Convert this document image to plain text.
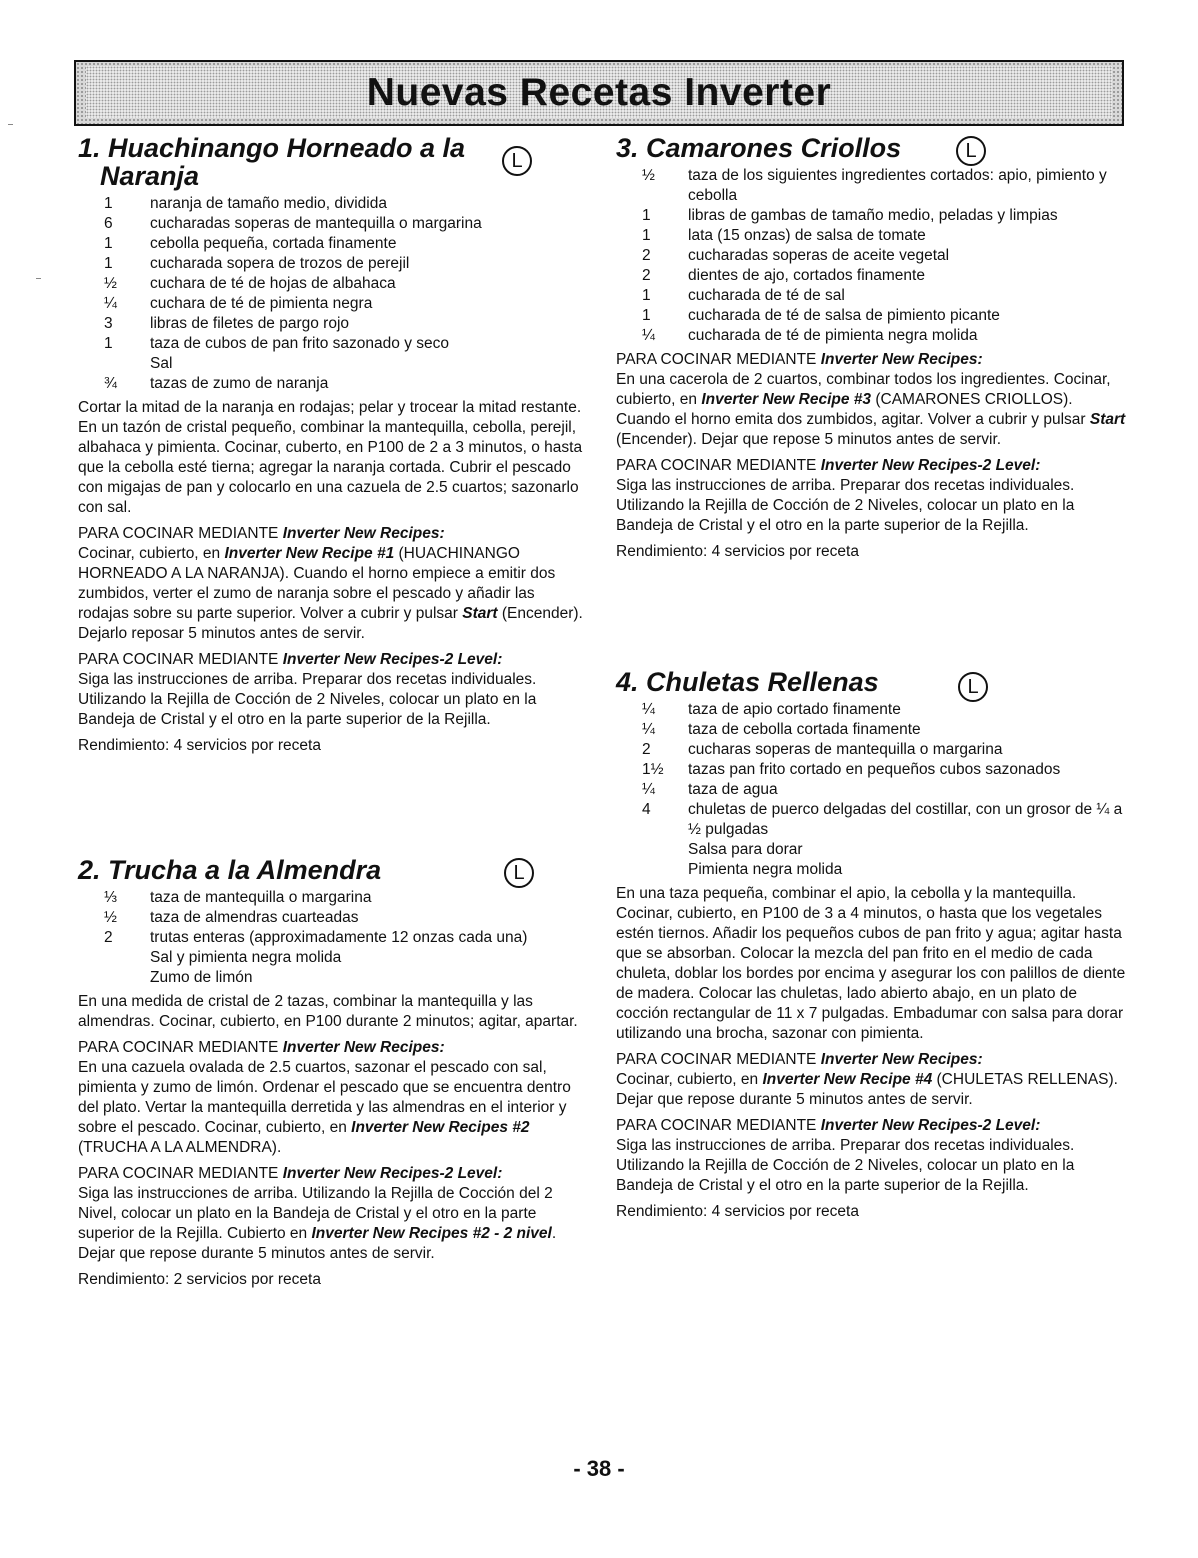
Nuevas Recetas Inverter
1. Huachinango Horneado a la
Naranja	L
1	naranja de tamaño medio, dividida
6	cucharadas soperas de mantequilla o margarina
1	cebolla pequeña, cortada finamente
1	cucharada sopera de trozos de perejil
½	cuchara de té de hojas de albahaca
¼	cuchara de té de pimienta negra
3	libras de filetes de pargo rojo
1	taza de cubos de pan frito sazonado y seco
Sal
¾	tazas de zumo de naranja

Cortar la mitad de la naranja en rodajas; pelar y trocear la mitad restante. En un tazón de cristal pequeño, combinar la mantequilla, cebolla, perejil, albahaca y pimienta. Cocinar, cuberto, en P100 de 2 a 3 minutos, o hasta que la cebolla esté tierna; agregar la naranja cortada. Cubrir el pescado con migajas de pan y colocarlo en una cazuela de 2.5 cuartos; sazonarlo con sal.

PARA COCINAR MEDIANTE Inverter New Recipes:
Cocinar, cubierto, en Inverter New Recipe #1 (HUACHINANGO HORNEADO A LA NARANJA). Cuando el horno empiece a emitir dos zumbidos, verter el zumo de naranja sobre el pescado y añadir las rodajas sobre su parte superior. Volver a cubrir y pulsar Start (Encender). Dejarlo reposar 5 minutos antes de servir.

PARA COCINAR MEDIANTE Inverter New Recipes-2 Level:
Siga las instrucciones de arriba. Preparar dos recetas individuales. Utilizando la Rejilla de Cocción de 2 Niveles, colocar un plato en la Bandeja de Cristal y el otro en la parte superior de la Rejilla.

Rendimiento: 4 servicios por receta

2. Trucha a la Almendra	L
⅓	taza de mantequilla o margarina
½	taza de almendras cuarteadas
2	trutas enteras (approximadamente 12 onzas cada una)
Sal y pimienta negra molida
Zumo de limón

En una medida de cristal de 2 tazas, combinar la mantequilla y las almendras. Cocinar, cubierto, en P100 durante 2 minutos; agitar, apartar.

PARA COCINAR MEDIANTE Inverter New Recipes:
En una cazuela ovalada de 2.5 cuartos, sazonar el pescado con sal, pimienta y zumo de limón. Ordenar el pescado que se encuentra dentro del plato. Vertar la mantequilla derretida y las almendras en el interior y sobre el pescado. Cocinar, cubierto, en Inverter New Recipes #2 (TRUCHA A LA ALMENDRA).

PARA COCINAR MEDIANTE Inverter New Recipes-2 Level:
Siga las instrucciones de arriba. Utilizando la Rejilla de Cocción del 2 Nivel, colocar un plato en la Bandeja de Cristal y el otro en la parte superior de la Rejilla. Cubierto en Inverter New Recipes #2 - 2 nivel. Dejar que repose durante 5 minutos antes de servir.

Rendimiento: 2 servicios por receta

3. Camarones Criollos	L
½	taza de los siguientes ingredientes cortados: apio, pimiento y cebolla
1	libras de gambas de tamaño medio, peladas y limpias
1	lata (15 onzas) de salsa de tomate
2	cucharadas soperas de aceite vegetal
2	dientes de ajo, cortados finamente
1	cucharada de té de sal
1	cucharada de té de salsa de pimiento picante
¼	cucharada de té de pimienta negra molida

PARA COCINAR MEDIANTE Inverter New Recipes:
En una cacerola de 2 cuartos, combinar todos los ingredientes. Cocinar, cubierto, en Inverter New Recipe #3 (CAMARONES CRIOLLOS). Cuando el horno emita dos zumbidos, agitar. Volver a cubrir y pulsar Start (Encender). Dejar que repose 5 minutos antes de servir.

PARA COCINAR MEDIANTE Inverter New Recipes-2 Level:
Siga las instrucciones de arriba. Preparar dos recetas individuales. Utilizando la Rejilla de Cocción de 2 Niveles, colocar un plato en la Bandeja de Cristal y el otro en la parte superior de la Rejilla.

Rendimiento: 4 servicios por receta

4. Chuletas Rellenas	L
¼	taza de apio cortado finamente
¼	taza de cebolla cortada finamente
2	cucharas soperas de mantequilla o margarina
1½	tazas pan frito cortado en pequeños cubos sazonados
¼	taza de agua
4	chuletas de puerco delgadas del costillar, con un grosor de ¼ a ½ pulgadas
Salsa para dorar
Pimienta negra molida

En una taza pequeña, combinar el apio, la cebolla y la mantequilla. Cocinar, cubierto, en P100 de 3 a 4 minutos, o hasta que los vegetales estén tiernos. Añadir los pequeños cubos de pan frito y agua; agitar hasta que se absorban. Colocar la mezcla del pan frito en el medio de cada chuleta, doblar los bordes por encima y asegurar los con palillos de diente de madera. Colocar las chuletas, lado abierto abajo, en un plato de cocción rectangular de 11 x 7 pulgadas. Embadumar con salsa para dorar utilizando una brocha, sazonar con pimienta.

PARA COCINAR MEDIANTE Inverter New Recipes:
Cocinar, cubierto, en Inverter New Recipe #4 (CHULETAS RELLENAS). Dejar que repose durante 5 minutos antes de servir.

PARA COCINAR MEDIANTE Inverter New Recipes-2 Level:
Siga las instrucciones de arriba. Preparar dos recetas individuales. Utilizando la Rejilla de Cocción de 2 Niveles, colocar un plato en la Bandeja de Cristal y el otro en la parte superior de la Rejilla.

Rendimiento: 4 servicios por receta

- 38 -
